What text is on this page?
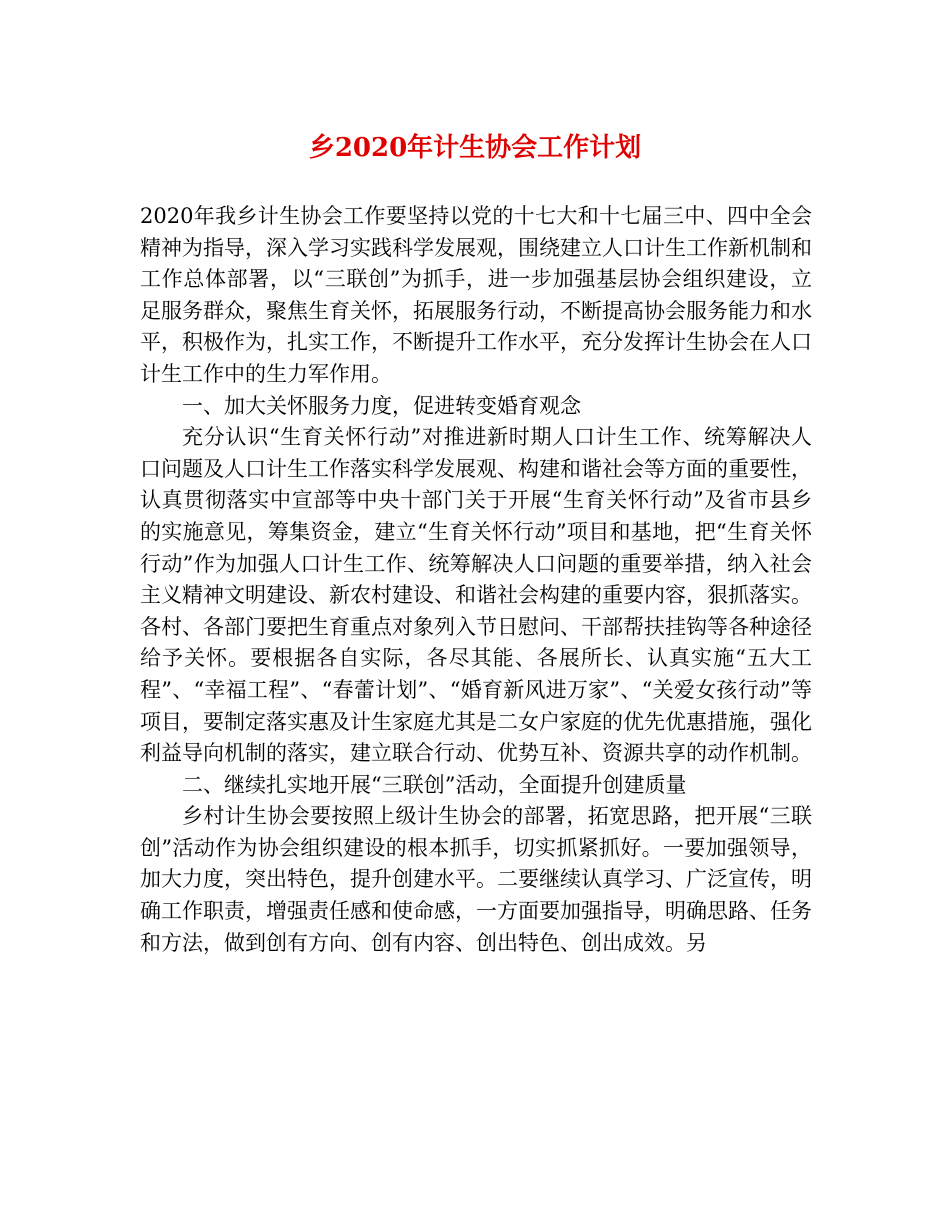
乡2020年计生协会工作计划

2020年我乡计生协会工作要坚持以党的十七大和十七届三中、四中全会精神为指导，深入学习实践科学发展观，围绕建立人口计生工作新机制和工作总体部署，以“三联创”为抓手，进一步加强基层协会组织建设，立足服务群众，聚焦生育关怀，拓展服务行动，不断提高协会服务能力和水平，积极作为，扎实工作，不断提升工作水平，充分发挥计生协会在人口计生工作中的生力军作用。

一、加大关怀服务力度，促进转变婚育观念

充分认识“生育关怀行动”对推进新时期人口计生工作、统筹解决人口问题及人口计生工作落实科学发展观、构建和谐社会等方面的重要性，认真贯彻落实中宣部等中央十部门关于开展“生育关怀行动”及省市县乡的实施意见，筹集资金，建立“生育关怀行动”项目和基地，把“生育关怀行动”作为加强人口计生工作、统筹解决人口问题的重要举措，纳入社会主义精神文明建设、新农村建设、和谐社会构建的重要内容，狠抓落实。各村、各部门要把生育重点对象列入节日慰问、干部帮扶挂钩等各种途径给予关怀。要根据各自实际，各尽其能、各展所长、认真实施“五大工程”、“幸福工程”、“春蕾计划”、“婚育新风进万家”、“关爱女孩行动”等项目，要制定落实惠及计生家庭尤其是二女户家庭的优先优惠措施，强化利益导向机制的落实，建立联合行动、优势互补、资源共享的动作机制。

二、继续扎实地开展“三联创”活动，全面提升创建质量

乡村计生协会要按照上级计生协会的部署，拓宽思路，把开展“三联创”活动作为协会组织建设的根本抓手，切实抓紧抓好。一要加强领导，加大力度，突出特色，提升创建水平。二要继续认真学习、广泛宣传，明确工作职责，增强责任感和使命感，一方面要加强指导，明确思路、任务和方法，做到创有方向、创有内容、创出特色、创出成效。另
